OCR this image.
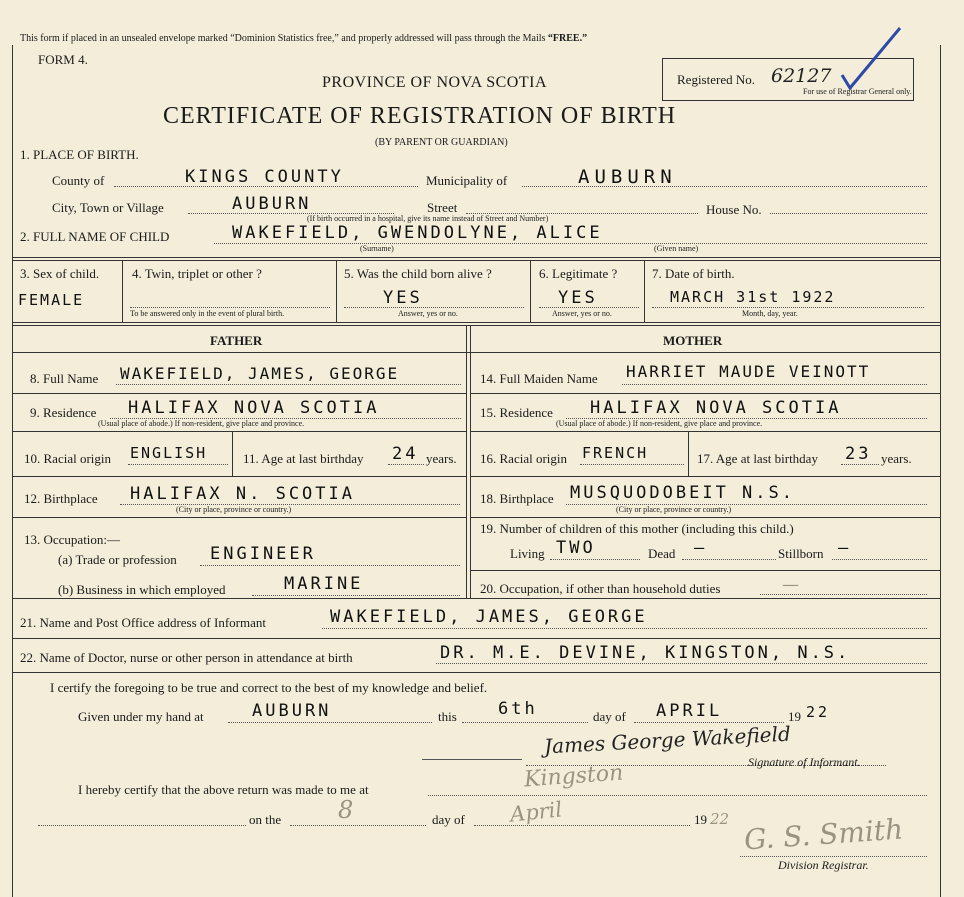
This form if placed in an unsealed envelope marked “Dominion Statistics free,” and properly addressed will pass through the Mails “FREE.”
FORM 4.
PROVINCE OF NOVA SCOTIA	Registered No. 62127
For use of Registrar General only.
CERTIFICATE OF REGISTRATION OF BIRTH
(BY PARENT OR GUARDIAN)
1. PLACE OF BIRTH.
County of	KINGS COUNTY	Municipality of	AUBURN
City, Town or Village	AUBURN	Street	House No.
(If birth occurred in a hospital, give its name instead of Street and Number)
2. FULL NAME OF CHILD	WAKEFIELD, GWENDOLYNE, ALICE
(Surname)	(Given name)
3. Sex of child.
FEMALE
4. Twin, triplet or other ?
To be answered only in the event of plural birth.
5. Was the child born alive ?
YES
Answer, yes or no.
6. Legitimate ?
YES
Answer, yes or no.
7. Date of birth.
MARCH 31st 1922
Month, day, year.
FATHER	MOTHER
8. Full Name WAKEFIELD, JAMES, GEORGE
9. Residence HALIFAX NOVA SCOTIA
(Usual place of abode.) If non-resident, give place and province.
10. Racial origin ENGLISH	11. Age at last birthday 24 years.
12. Birthplace HALIFAX N. SCOTIA
(City or place, province or country.)
13. Occupation:—
(a) Trade or profession ENGINEER
(b) Business in which employed	MARINE
14. Full Maiden Name HARRIET MAUDE VEINOTT
15. Residence HALIFAX NOVA SCOTIA
(Usual place of abode.) If non-resident, give place and province.
16. Racial origin FRENCH	17. Age at last birthday 23 years.
18. Birthplace MUSQUODOBEIT N.S.
(City or place, province or country.)
19. Number of children of this mother (including this child.)
Living TWO	Dead —	Stillborn —
20. Occupation, if other than household duties	—
21. Name and Post Office address of Informant	WAKEFIELD, JAMES, GEORGE
22. Name of Doctor, nurse or other person in attendance at birth	DR. M.E. DEVINE, KINGSTON, N.S.
I certify the foregoing to be true and correct to the best of my knowledge and belief.
Given under my hand at	AUBURN	this 6th	day of APRIL	19 22
James George Wakefield
Signature of Informant.
I hereby certify that the above return was made to me at	Kingston
on the 8	day of April	19 22 G. S. Smith
Division Registrar.
